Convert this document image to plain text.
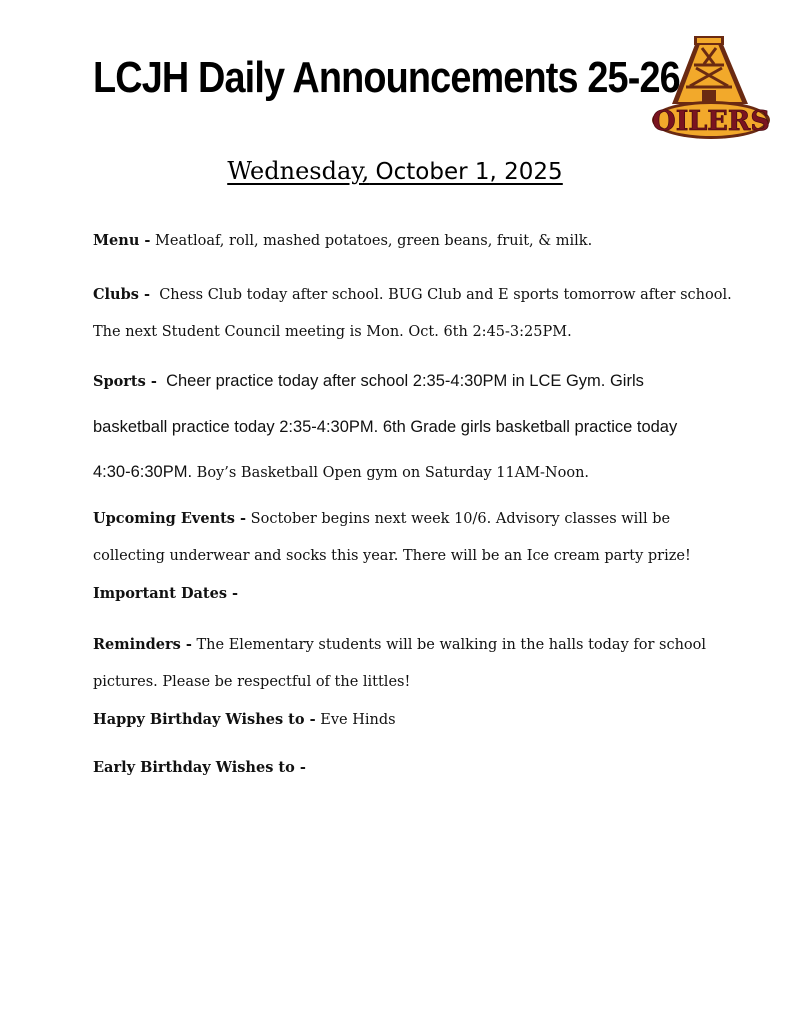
LCJH Daily Announcements 25-26
OILERS
Wednesday, October 1, 2025
Menu - Meatloaf, roll, mashed potatoes, green beans, fruit, & milk.
Clubs - Chess Club today after school. BUG Club and E sports tomorrow after school.
The next Student Council meeting is Mon. Oct. 6th 2:45-3:25PM.
Sports - Cheer practice today after school 2:35-4:30PM in LCE Gym. Girls
basketball practice today 2:35-4:30PM. 6th Grade girls basketball practice today
4:30-6:30PM. Boy’s Basketball Open gym on Saturday 11AM-Noon.
Upcoming Events - Soctober begins next week 10/6. Advisory classes will be
collecting underwear and socks this year. There will be an Ice cream party prize!
Important Dates -
Reminders - The Elementary students will be walking in the halls today for school
pictures. Please be respectful of the littles!
Happy Birthday Wishes to - Eve Hinds
Early Birthday Wishes to -
